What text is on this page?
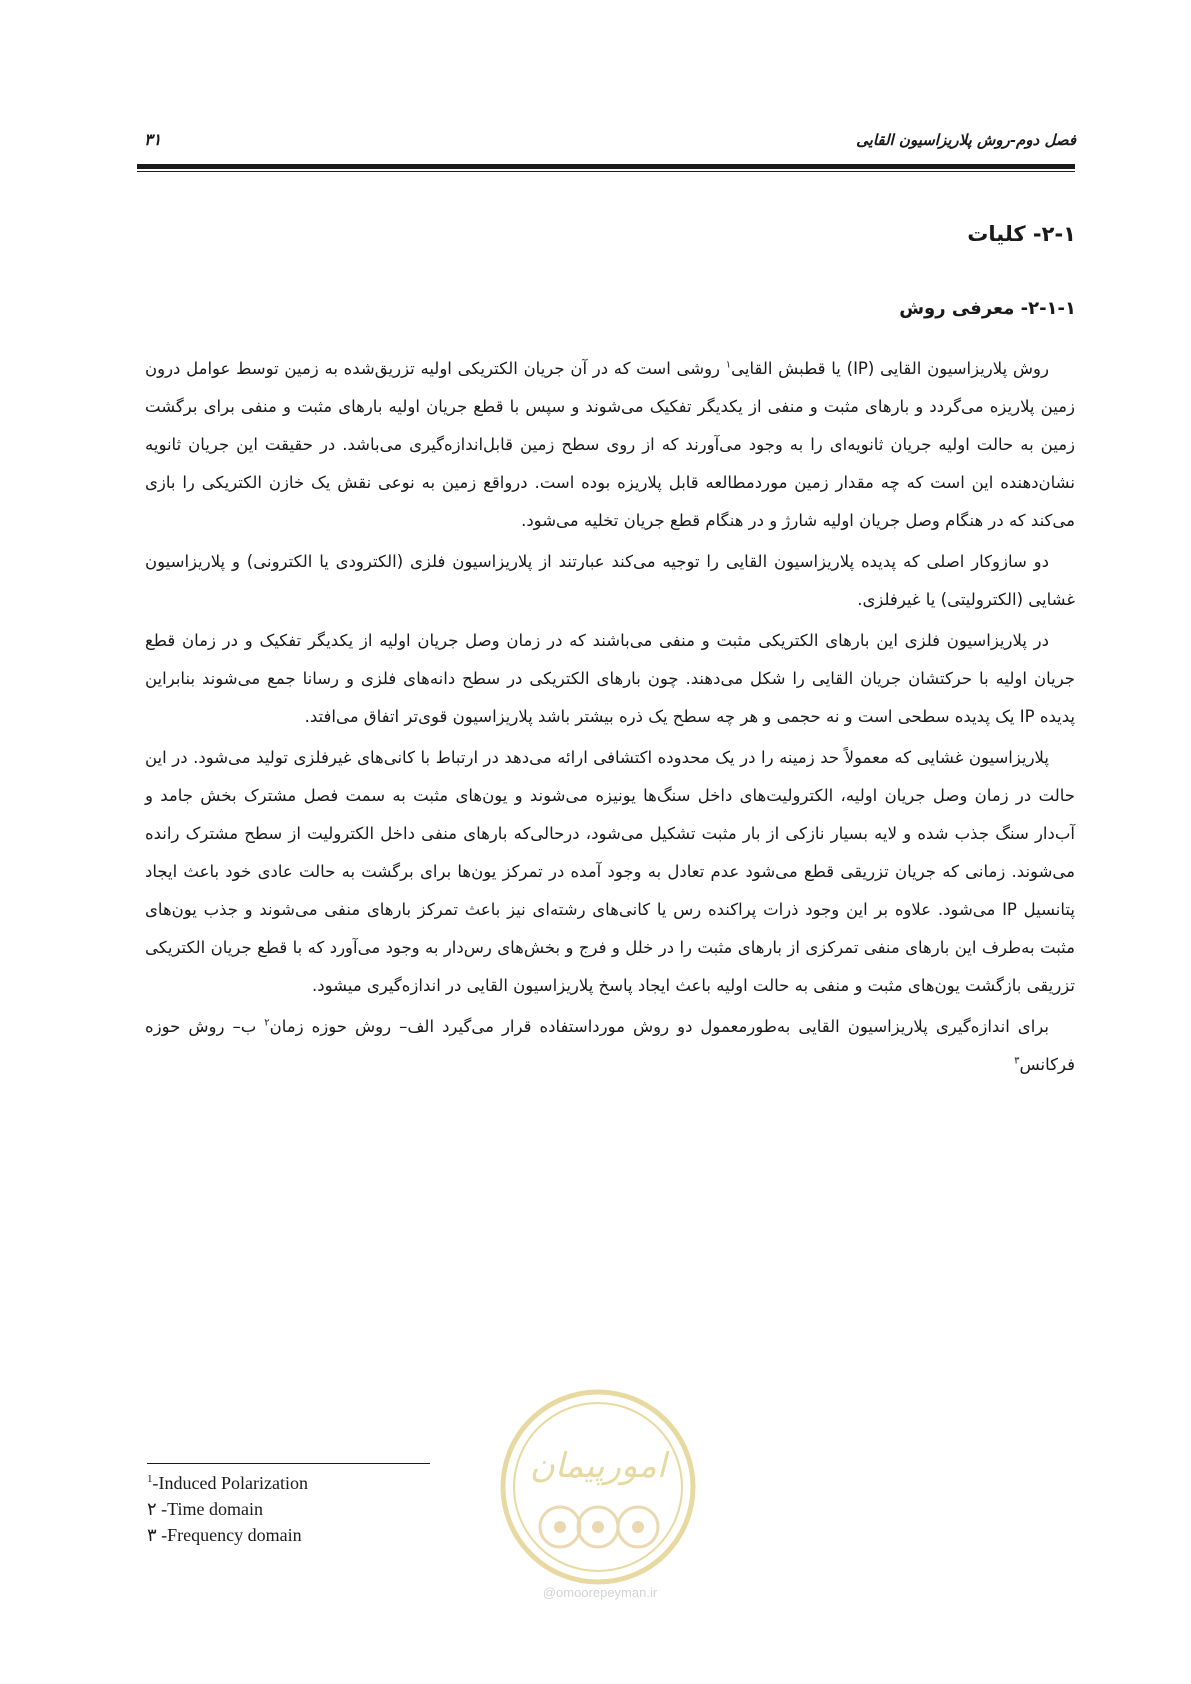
فصل دوم-روش پلاریزاسیون القایی
۳۱
۲-۱- کلیات
۲-۱-۱- معرفی روش

روش پلاریزاسیون القایی (IP) یا قطبش القایی$^۱$ روشی است که در آن جریان الکتریکی اولیه تزریق‌شده به زمین توسط عوامل درون زمین پلاریزه می‌گردد و بارهای مثبت و منفی از یکدیگر تفکیک می‌شوند و سپس با قطع جریان اولیه بارهای مثبت و منفی برای برگشت زمین به حالت اولیه جریان ثانویه‌ای را به وجود می‌آورند که از روی سطح زمین قابل‌اندازه‌گیری می‌باشد. در حقیقت این جریان ثانویه نشان‌دهنده این است که چه مقدار زمین موردمطالعه قابل پلاریزه بوده است. درواقع زمین به نوعی نقش یک خازن الکتریکی را بازی می‌کند که در هنگام وصل جریان اولیه شارژ و در هنگام قطع جریان تخلیه می‌شود.

دو سازوکار اصلی که پدیده پلاریزاسیون القایی را توجیه می‌کند عبارتند از پلاریزاسیون فلزی (الکترودی یا الکترونی) و پلاریزاسیون غشایی (الکترولیتی) یا غیرفلزی.

در پلاریزاسیون فلزی این بارهای الکتریکی مثبت و منفی می‌باشند که در زمان وصل جریان اولیه از یکدیگر تفکیک و در زمان قطع جریان اولیه با حرکتشان جریان القایی را شکل می‌دهند. چون بارهای الکتریکی در سطح دانه‌های فلزی و رسانا جمع می‌شوند بنابراین پدیده IP یک پدیده سطحی است و نه حجمی و هر چه سطح یک ذره بیشتر باشد پلاریزاسیون قوی‌تر اتفاق می‌افتد.

پلاریزاسیون غشایی که معمولاً حد زمینه را در یک محدوده اکتشافی ارائه می‌دهد در ارتباط با کانی‌های غیرفلزی تولید می‌شود. در این حالت در زمان وصل جریان اولیه، الکترولیت‌های داخل سنگ‌ها یونیزه می‌شوند و یون‌های مثبت به سمت فصل مشترک بخش جامد و آب‌دار سنگ جذب شده و لایه بسیار نازکی از بار مثبت تشکیل می‌شود، درحالی‌که بارهای منفی داخل الکترولیت از سطح مشترک رانده می‌شوند. زمانی که جریان تزریقی قطع می‌شود عدم تعادل به وجود آمده در تمرکز یون‌ها برای برگشت به حالت عادی خود باعث ایجاد پتانسیل IP می‌شود. علاوه بر این وجود ذرات پراکنده رس یا کانی‌های رشته‌ای نیز باعث تمرکز بارهای منفی می‌شوند و جذب یون‌های مثبت به‌طرف این بارهای منفی تمرکزی از بارهای مثبت را در خلل و فرج و بخش‌های رس‌دار به وجود می‌آورد که با قطع جریان الکتریکی تزریقی بازگشت یون‌های مثبت و منفی به حالت اولیه باعث ایجاد پاسخ پلاریزاسیون القایی در اندازه‌گیری میشود.

برای اندازه‌گیری پلاریزاسیون القایی به‌طورمعمول دو روش مورداستفاده قرار می‌گیرد الف– روش حوزه زمان$^۲$ ب– روش حوزه فرکانس$^۳$

$^1$-Induced Polarization
۲ -Time domain
۳ -Frequency domain
امورپیمان
@omoorepeyman.ir
